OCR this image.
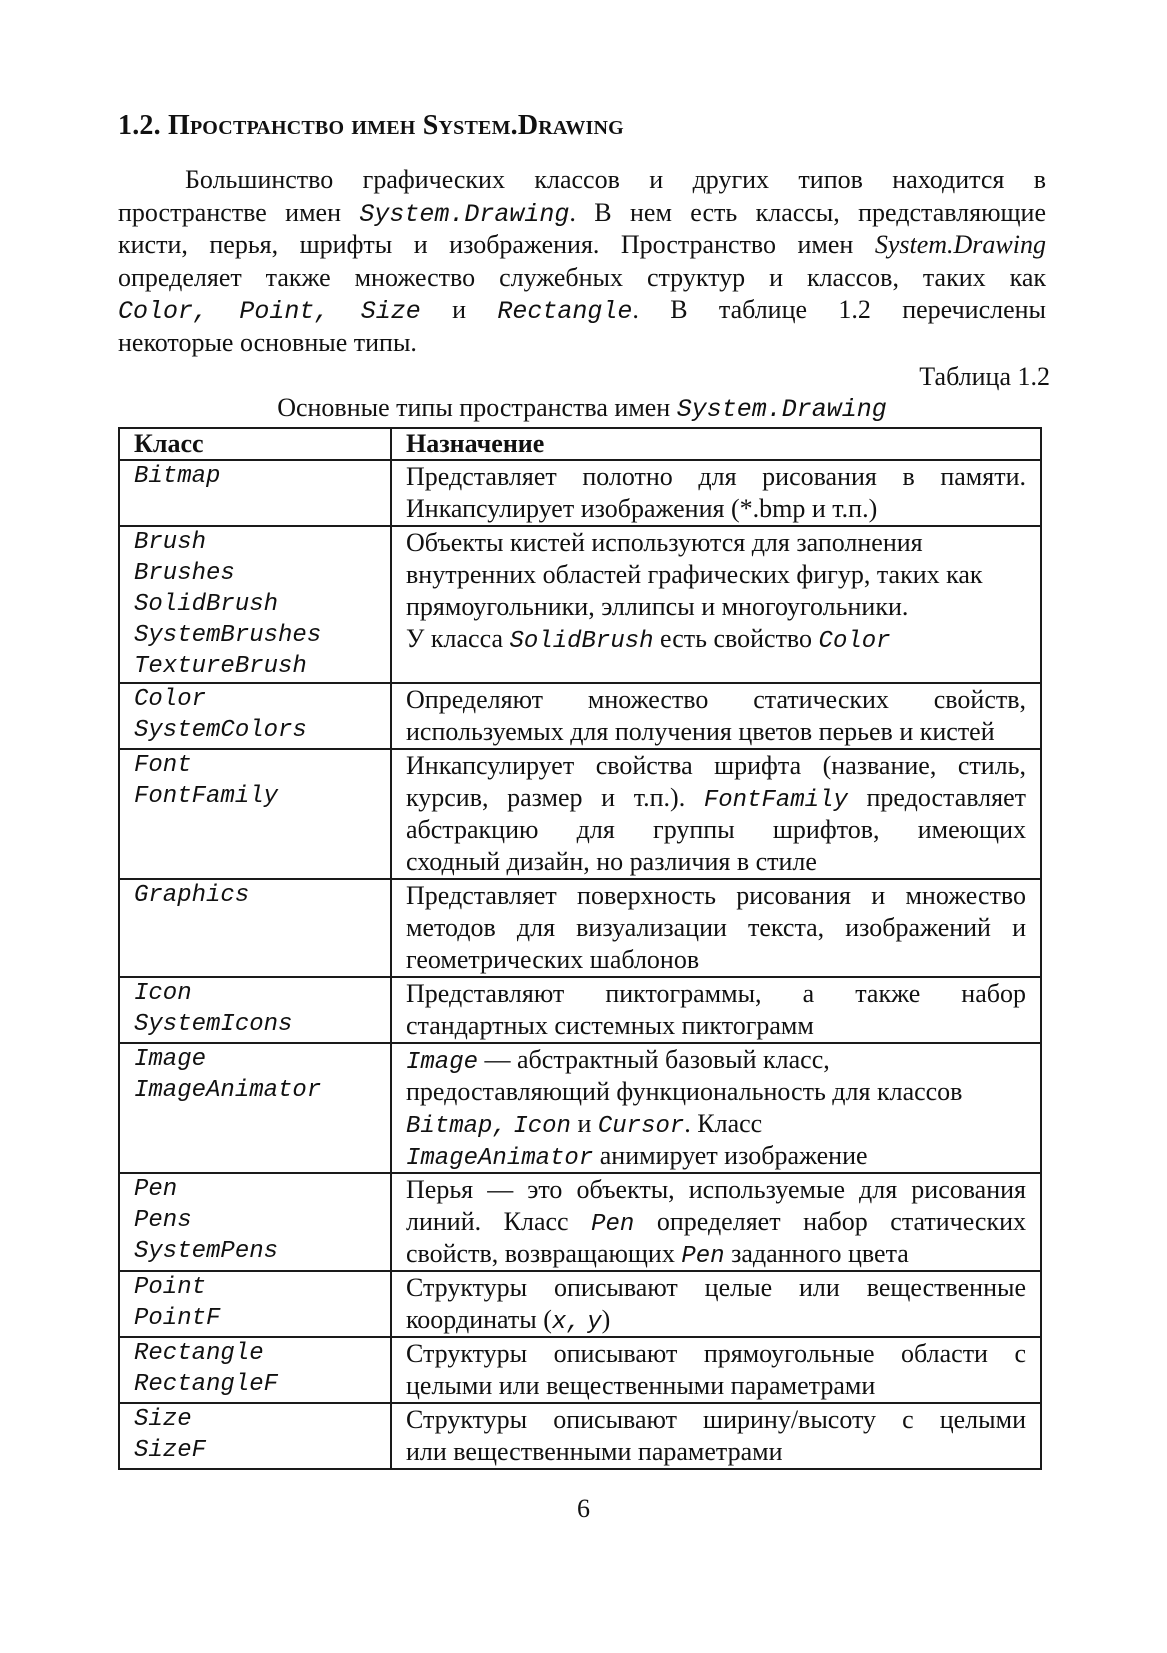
1.2. Пространство имен System.Drawing
Большинство графических классов и других типов находится в
пространстве имен System.Drawing. В нем есть классы, представляющие
кисти, перья, шрифты и изображения. Пространство имен System.Drawing
определяет также множество служебных структур и классов, таких как
Color, Point, Size и Rectangle. В таблице 1.2 перечислены
некоторые основные типы.

Таблица 1.2

Основные типы пространства имен System.Drawing

Класс	Назначение

Bitmap	Представляет полотно для рисования в памяти.
Инкапсулирует изображения (*.bmp и т.п.)

Brush
Brushes
SolidBrush
SystemBrushes
TextureBrush	Объекты кистей используются для заполнения
внутренних областей графических фигур, таких как
прямоугольники, эллипсы и многоугольники.
У класса SolidBrush есть свойство Color

Color
SystemColors	Определяют множество статических свойств,
используемых для получения цветов перьев и кистей

Font
FontFamily	Инкапсулирует свойства шрифта (название, стиль,
курсив, размер и т.п.). FontFamily предоставляет
абстракцию для группы шрифтов, имеющих
сходный дизайн, но различия в стиле

Graphics	Представляет поверхность рисования и множество
методов для визуализации текста, изображений и
геометрических шаблонов

Icon
SystemIcons	Представляют пиктограммы, а также набор
стандартных системных пиктограмм

Image
ImageAnimator	Image — абстрактный базовый класс,
предоставляющий функциональность для классов
Bitmap, Icon и Cursor. Класс
ImageAnimator анимирует изображение

Pen
Pens
SystemPens	Перья — это объекты, используемые для рисования
линий. Класс Pen определяет набор статических
свойств, возвращающих Pen заданного цвета

Point
PointF	Структуры описывают целые или вещественные
координаты (x, y)

Rectangle
RectangleF	Структуры описывают прямоугольные области с
целыми или вещественными параметрами

Size
SizeF	Структуры описывают ширину/высоту с целыми
или вещественными параметрами

6
